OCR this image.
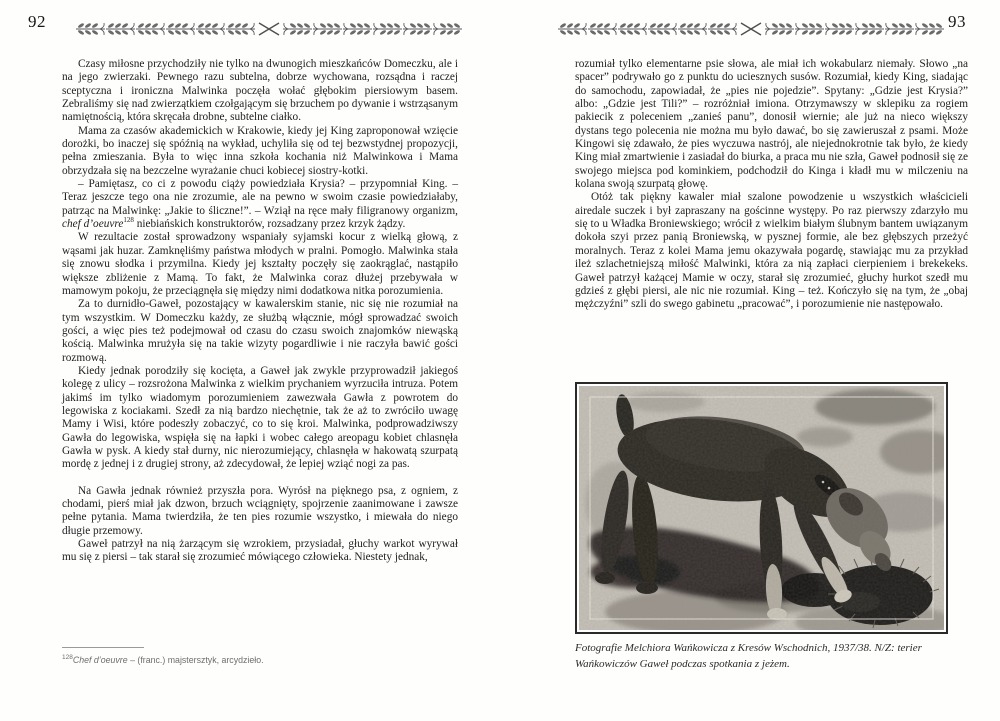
92	93

Czasy miłosne przychodziły nie tylko na dwunogich mieszkańców Domeczku, ale i na jego zwierzaki. Pewnego razu subtelna, dobrze wychowana, rozsądna i raczej sceptyczna i ironiczna Malwinka poczęła wołać głębokim piersiowym basem. Zebraliśmy się nad zwierzątkiem czołgającym się brzuchem po dywanie i wstrząsanym namiętnością, która skręcała drobne, subtelne ciałko.

Mama za czasów akademickich w Krakowie, kiedy jej King zaproponował wzięcie dorożki, bo inaczej się spóźnią na wykład, uchyliła się od tej bezwstydnej propozycji, pełna zmieszania. Była to więc inna szkoła kochania niż Malwinkowa i Mama obrzydzała się na bezczelne wyrażanie chuci kobiecej siostry-kotki.

– Pamiętasz, co ci z powodu ciąży powiedziała Krysia? – przypomniał King. – Teraz jeszcze tego ona nie zrozumie, ale na pewno w swoim czasie powiedziałaby, patrząc na Malwinkę: „Jakie to śliczne!”. – Wziął na ręce mały filigranowy organizm, chef d’oeuvre$^{128}$ niebiańskich konstruktorów, rozsadzany przez krzyk żądzy.

W rezultacie został sprowadzony wspaniały syjamski kocur z wielką głową, z wąsami jak huzar. Zamknęliśmy państwa młodych w pralni. Pomogło. Malwinka stała się znowu słodka i przymilna. Kiedy jej kształty poczęły się zaokrąglać, nastąpiło większe zbliżenie z Mamą. To fakt, że Malwinka coraz dłużej przebywała w mamowym pokoju, że przeciągnęła się między nimi dodatkowa nitka porozumienia.

Za to durnidło-Gaweł, pozostający w kawalerskim stanie, nic się nie rozumiał na tym wszystkim. W Domeczku każdy, ze służbą włącznie, mógł sprowadzać swoich gości, a więc pies też podejmował od czasu do czasu swoich znajomków niewąską kością. Malwinka mrużyła się na takie wizyty pogardliwie i nie raczyła bawić gości rozmową.

Kiedy jednak porodziły się kocięta, a Gaweł jak zwykle przyprowadził jakiegoś kolegę z ulicy – rozsrożona Malwinka z wielkim prychaniem wyrzuciła intruza. Potem jakimś im tylko wiadomym porozumieniem zawezwała Gawła z powrotem do legowiska z kociakami. Szedł za nią bardzo niechętnie, tak że aż to zwróciło uwagę Mamy i Wisi, które podeszły zobaczyć, co to się kroi. Malwinka, podprowadziwszy Gawła do legowiska, wspięła się na łapki i wobec całego areopagu kobiet chlasnęła Gawła w pysk. A kiedy stał durny, nic nierozumiejący, chlasnęła w hakowatą szurpatą mordę z jednej i z drugiej strony, aż zdecydował, że lepiej wziąć nogi za pas.

Na Gawła jednak również przyszła pora. Wyrósł na pięknego psa, z ogniem, z chodami, pierś miał jak dzwon, brzuch wciągnięty, spojrzenie zaanimowane i zawsze pełne pytania. Mama twierdziła, że ten pies rozumie wszystko, i miewała do niego długie przemowy.

Gaweł patrzył na nią żarzącym się wzrokiem, przysiadał, głuchy warkot wyrywał mu się z piersi – tak starał się zrozumieć mówiącego człowieka. Niestety jednak,

$^{128}$Chef d’oeuvre – (franc.) majstersztyk, arcydzieło.

rozumiał tylko elementarne psie słowa, ale miał ich wokabularz niemały. Słowo „na spacer” podrywało go z punktu do uciesznych susów. Rozumiał, kiedy King, siadając do samochodu, zapowiadał, że „pies nie pojedzie”. Spytany: „Gdzie jest Krysia?” albo: „Gdzie jest Tili?” – rozróżniał imiona. Otrzymawszy w sklepiku za rogiem pakiecik z poleceniem „zanieś panu”, donosił wiernie; ale już na nieco większy dystans tego polecenia nie można mu było dawać, bo się zawieruszał z psami. Może Kingowi się zdawało, że pies wyczuwa nastrój, ale niejednokrotnie tak było, że kiedy King miał zmartwienie i zasiadał do biurka, a praca mu nie szła, Gaweł podnosił się ze swojego miejsca pod kominkiem, podchodził do Kinga i kładł mu w milczeniu na kolana swoją szurpatą głowę.

Otóż tak piękny kawaler miał szalone powodzenie u wszystkich właścicieli airedale suczek i był zapraszany na gościnne występy. Po raz pierwszy zdarzyło mu się to u Władka Broniewskiego; wrócił z wielkim białym ślubnym bantem uwiązanym dokoła szyi przez panią Broniewską, w pysznej formie, ale bez głębszych przeżyć moralnych. Teraz z kolei Mama jemu okazywała pogardę, stawiając mu za przykład ileż szlachetniejszą miłość Malwinki, która za nią zapłaci cierpieniem i brekekeks. Gaweł patrzył każącej Mamie w oczy, starał się zrozumieć, głuchy hurkot szedł mu gdzieś z głębi piersi, ale nic nie rozumiał. King – też. Kończyło się na tym, że „obaj mężczyźni” szli do swego gabinetu „pracować”, i porozumienie nie następowało.

Fotografie Melchiora Wańkowicza z Kresów Wschodnich, 1937/38. N/Z: terier Wańkowiczów Gaweł podczas spotkania z jeżem.
